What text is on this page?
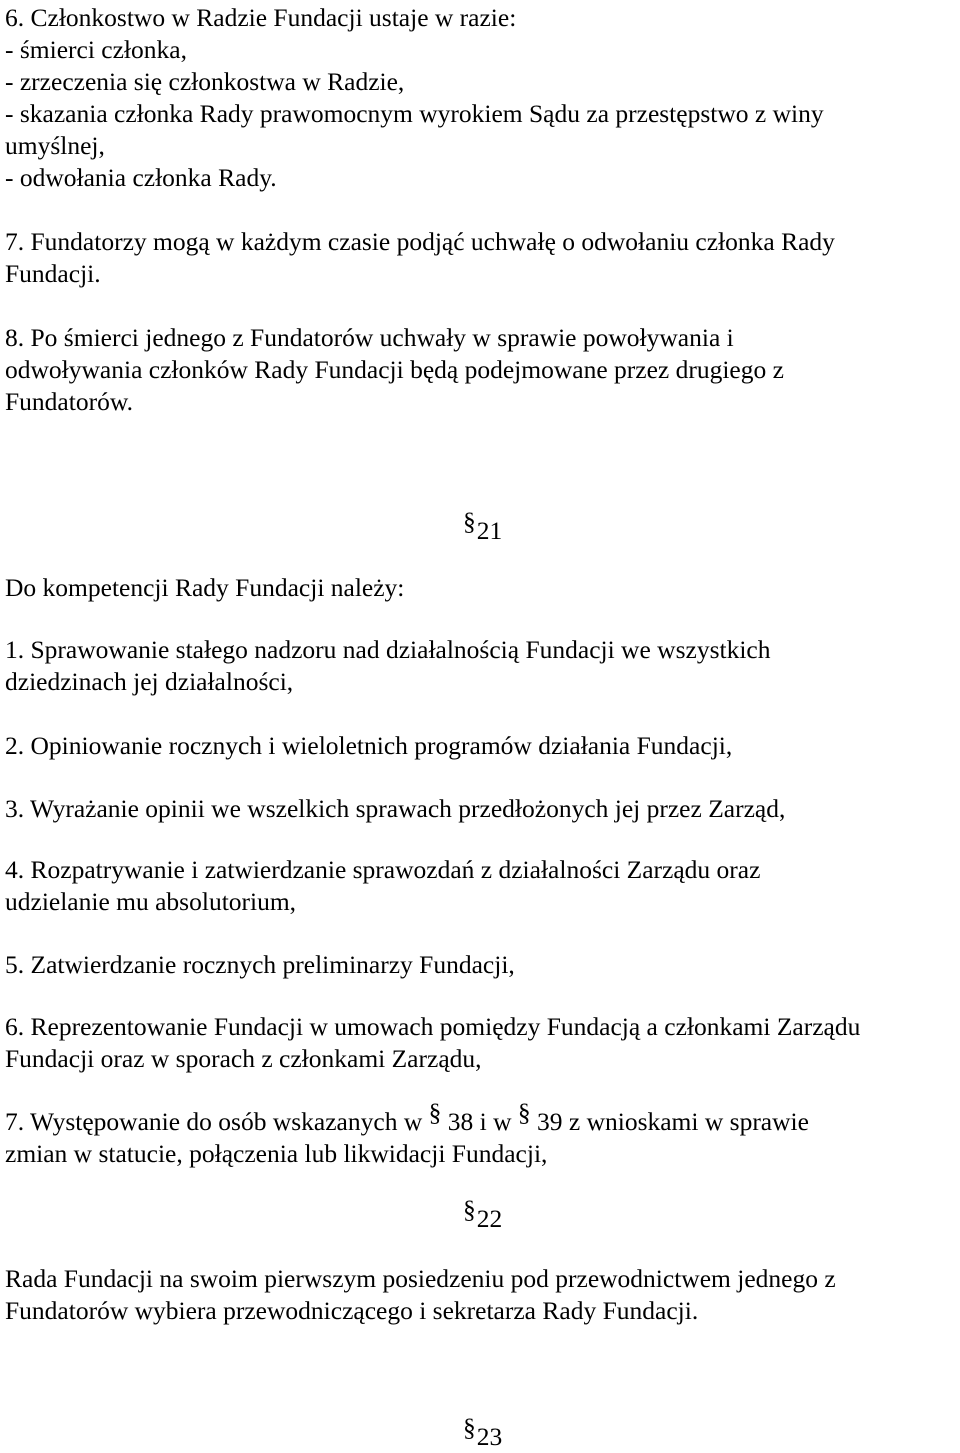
6. Członkostwo w Radzie Fundacji ustaje w razie:
- śmierci członka,
- zrzeczenia się członkostwa w Radzie,
- skazania członka Rady prawomocnym wyrokiem Sądu za przestępstwo z winy
umyślnej,
- odwołania członka Rady.
7. Fundatorzy mogą w każdym czasie podjąć uchwałę o odwołaniu członka Rady
Fundacji.
8. Po śmierci jednego z Fundatorów uchwały w sprawie powoływania i
odwoływania członków Rady Fundacji będą podejmowane przez drugiego z
Fundatorów.
§21
Do kompetencji Rady Fundacji należy:
1. Sprawowanie stałego nadzoru nad działalnością Fundacji we wszystkich
dziedzinach jej działalności,
2. Opiniowanie rocznych i wieloletnich programów działania Fundacji,
3. Wyrażanie opinii we wszelkich sprawach przedłożonych jej przez Zarząd,
4. Rozpatrywanie i zatwierdzanie sprawozdań z działalności Zarządu oraz
udzielanie mu absolutorium,
5. Zatwierdzanie rocznych preliminarzy Fundacji,
6. Reprezentowanie Fundacji w umowach pomiędzy Fundacją a członkami Zarządu
Fundacji oraz w sporach z członkami Zarządu,
7. Występowanie do osób wskazanych w § 38 i w § 39 z wnioskami w sprawie
zmian w statucie, połączenia lub likwidacji Fundacji,
§22
Rada Fundacji na swoim pierwszym posiedzeniu pod przewodnictwem jednego z
Fundatorów wybiera przewodniczącego i sekretarza Rady Fundacji.
§23
